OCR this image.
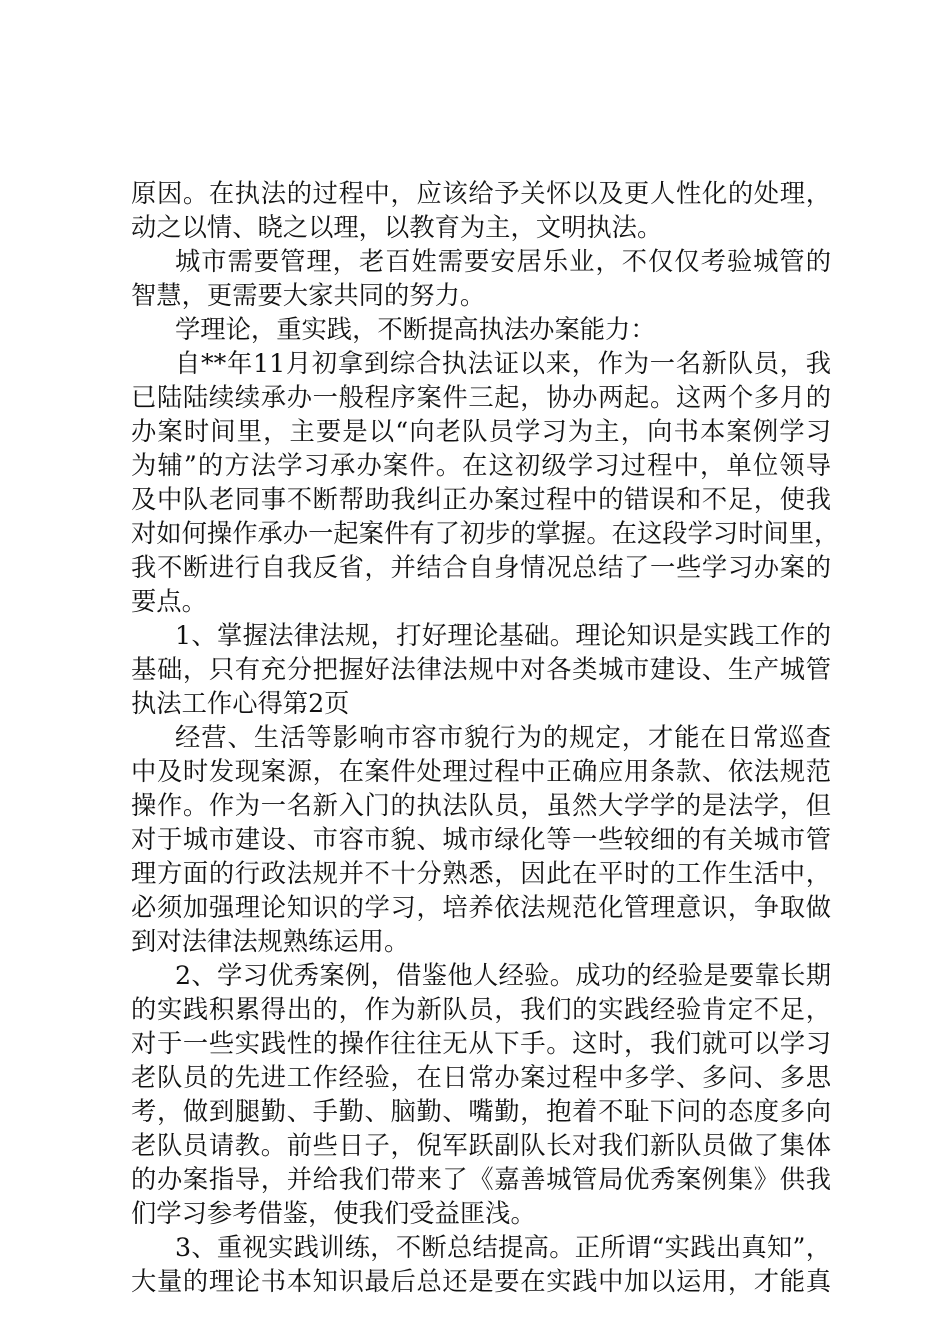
原因。在执法的过程中，应该给予关怀以及更人性化的处理，
动之以情、晓之以理，以教育为主，文明执法。
城市需要管理，老百姓需要安居乐业，不仅仅考验城管的
智慧，更需要大家共同的努力。
学理论，重实践，不断提高执法办案能力：
自**年11月初拿到综合执法证以来，作为一名新队员，我
已陆陆续续承办一般程序案件三起，协办两起。这两个多月的
办案时间里，主要是以“向老队员学习为主，向书本案例学习
为辅”的方法学习承办案件。在这初级学习过程中，单位领导
及中队老同事不断帮助我纠正办案过程中的错误和不足，使我
对如何操作承办一起案件有了初步的掌握。在这段学习时间里，
我不断进行自我反省，并结合自身情况总结了一些学习办案的
要点。
1、掌握法律法规，打好理论基础。理论知识是实践工作的
基础，只有充分把握好法律法规中对各类城市建设、生产城管
执法工作心得第2页
经营、生活等影响市容市貌行为的规定，才能在日常巡查
中及时发现案源，在案件处理过程中正确应用条款、依法规范
操作。作为一名新入门的执法队员，虽然大学学的是法学，但
对于城市建设、市容市貌、城市绿化等一些较细的有关城市管
理方面的行政法规并不十分熟悉，因此在平时的工作生活中，
必须加强理论知识的学习，培养依法规范化管理意识，争取做
到对法律法规熟练运用。
2、学习优秀案例，借鉴他人经验。成功的经验是要靠长期
的实践积累得出的，作为新队员，我们的实践经验肯定不足，
对于一些实践性的操作往往无从下手。这时，我们就可以学习
老队员的先进工作经验，在日常办案过程中多学、多问、多思
考，做到腿勤、手勤、脑勤、嘴勤，抱着不耻下问的态度多向
老队员请教。前些日子，倪军跃副队长对我们新队员做了集体
的办案指导，并给我们带来了《嘉善城管局优秀案例集》供我
们学习参考借鉴，使我们受益匪浅。
3、重视实践训练，不断总结提高。正所谓“实践出真知”，
大量的理论书本知识最后总还是要在实践中加以运用，才能真
